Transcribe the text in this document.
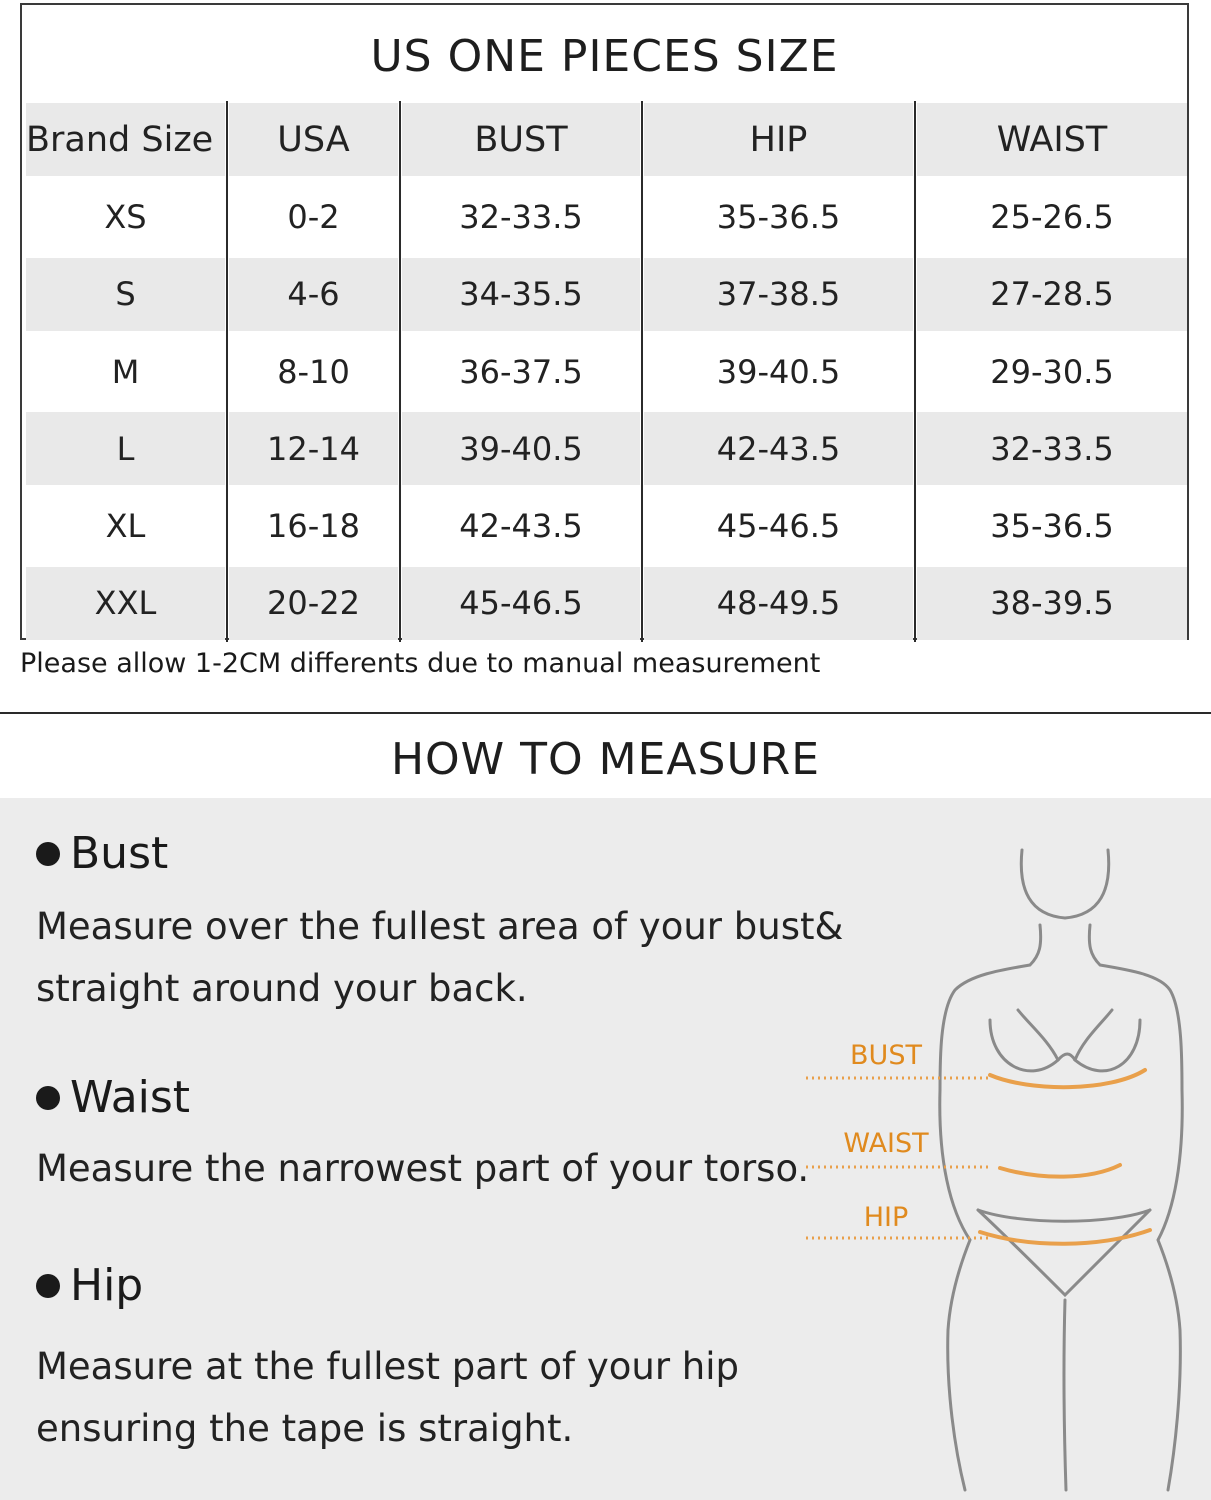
US ONE PIECES SIZE
Brand Size	USA	BUST	HIP	WAIST
XS	0-2	32-33.5	35-36.5	25-26.5
S	4-6	34-35.5	37-38.5	27-28.5
M	8-10	36-37.5	39-40.5	29-30.5
L	12-14	39-40.5	42-43.5	32-33.5
XL	16-18	42-43.5	45-46.5	35-36.5
XXL	20-22	45-46.5	48-49.5	38-39.5
Please allow 1-2CM differents due to manual measurement
HOW TO MEASURE
Bust
Measure over the fullest area of your bust&
straight around your back.
Waist
Measure the narrowest part of your torso.
Hip
Measure at the fullest part of your hip
ensuring the tape is straight.
BUST
WAIST
HIP
